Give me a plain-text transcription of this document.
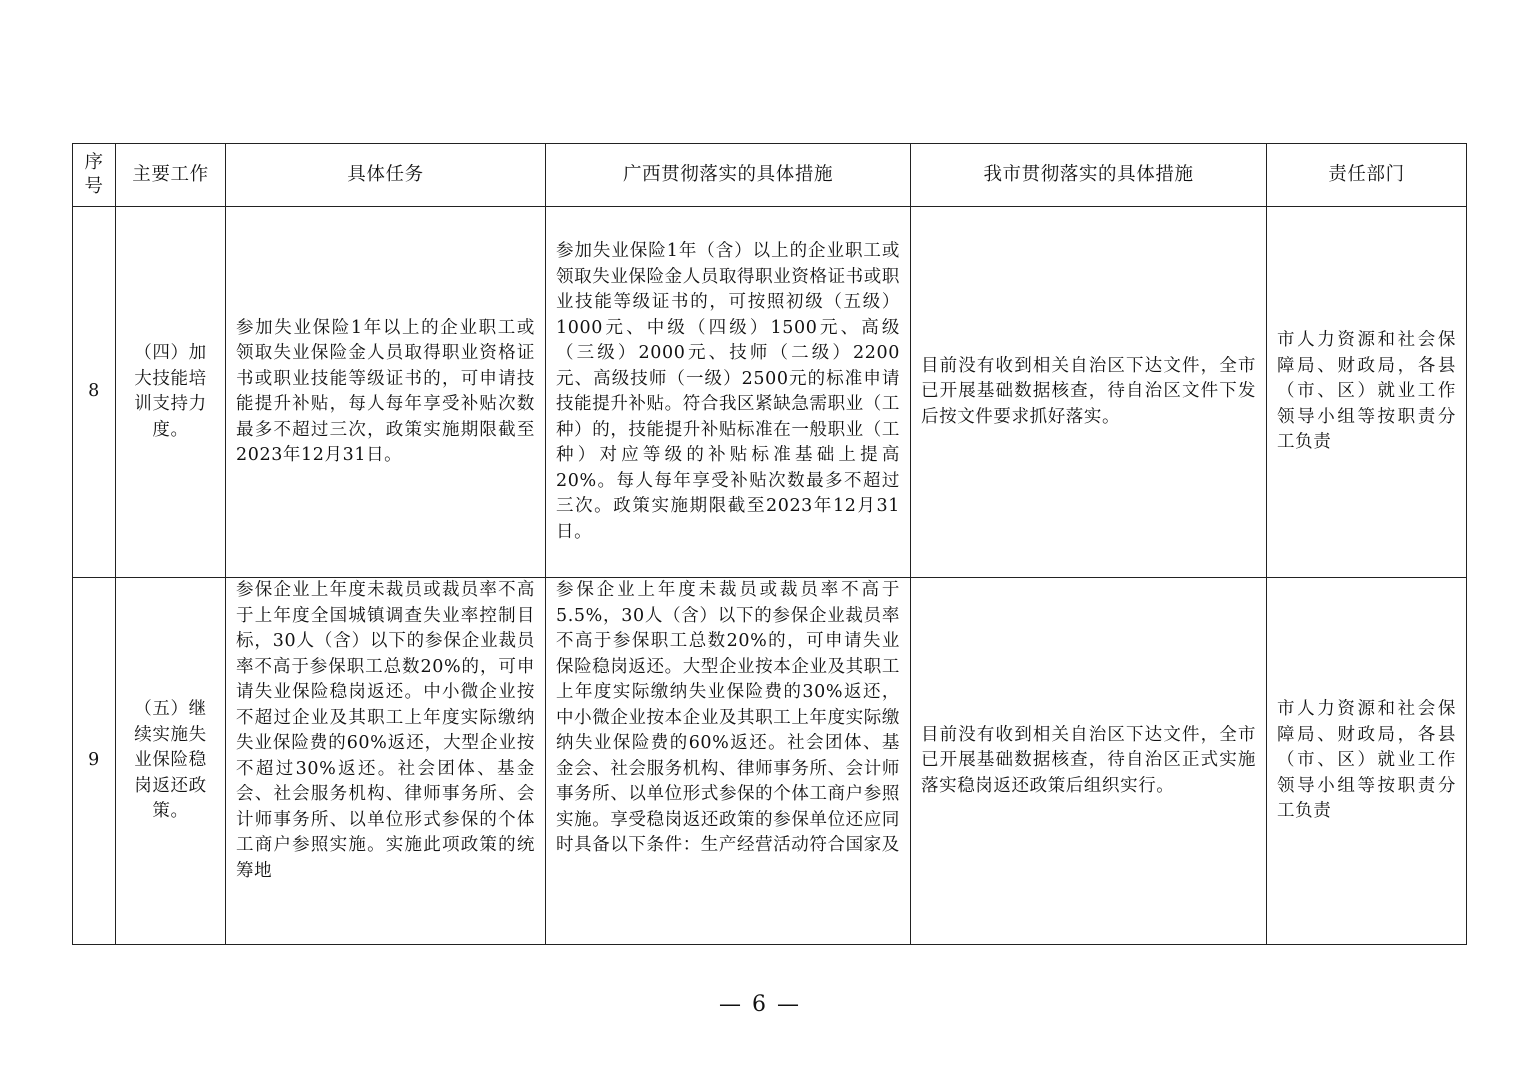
序号	主要工作	具体任务	广西贯彻落实的具体措施	我市贯彻落实的具体措施	责任部门
8	（四）加大技能培训支持力度。	参加失业保险1年以上的企业职工或领取失业保险金人员取得职业资格证书或职业技能等级证书的，可申请技能提升补贴，每人每年享受补贴次数最多不超过三次，政策实施期限截至2023年12月31日。	参加失业保险1年（含）以上的企业职工或领取失业保险金人员取得职业资格证书或职业技能等级证书的，可按照初级（五级）1000元、中级（四级）1500元、高级（三级）2000元、技师（二级）2200元、高级技师（一级）2500元的标准申请技能提升补贴。符合我区紧缺急需职业（工种）的，技能提升补贴标准在一般职业（工种）对应等级的补贴标准基础上提高20%。每人每年享受补贴次数最多不超过三次。政策实施期限截至2023年12月31日。	目前没有收到相关自治区下达文件，全市已开展基础数据核查，待自治区文件下发后按文件要求抓好落实。	市人力资源和社会保障局、财政局，各县（市、区）就业工作领导小组等按职责分工负责
9	（五）继续实施失业保险稳岗返还政策。	参保企业上年度未裁员或裁员率不高于上年度全国城镇调查失业率控制目标，30人（含）以下的参保企业裁员率不高于参保职工总数20%的，可申请失业保险稳岗返还。中小微企业按不超过企业及其职工上年度实际缴纳失业保险费的60%返还，大型企业按不超过30%返还。社会团体、基金会、社会服务机构、律师事务所、会计师事务所、以单位形式参保的个体工商户参照实施。实施此项政策的统筹地	参保企业上年度未裁员或裁员率不高于5.5%，30人（含）以下的参保企业裁员率不高于参保职工总数20%的，可申请失业保险稳岗返还。大型企业按本企业及其职工上年度实际缴纳失业保险费的30%返还，中小微企业按本企业及其职工上年度实际缴纳失业保险费的60%返还。社会团体、基金会、社会服务机构、律师事务所、会计师事务所、以单位形式参保的个体工商户参照实施。享受稳岗返还政策的参保单位还应同时具备以下条件：生产经营活动符合国家及	目前没有收到相关自治区下达文件，全市已开展基础数据核查，待自治区正式实施落实稳岗返还政策后组织实行。	市人力资源和社会保障局、财政局，各县（市、区）就业工作领导小组等按职责分工负责
— 6 —
